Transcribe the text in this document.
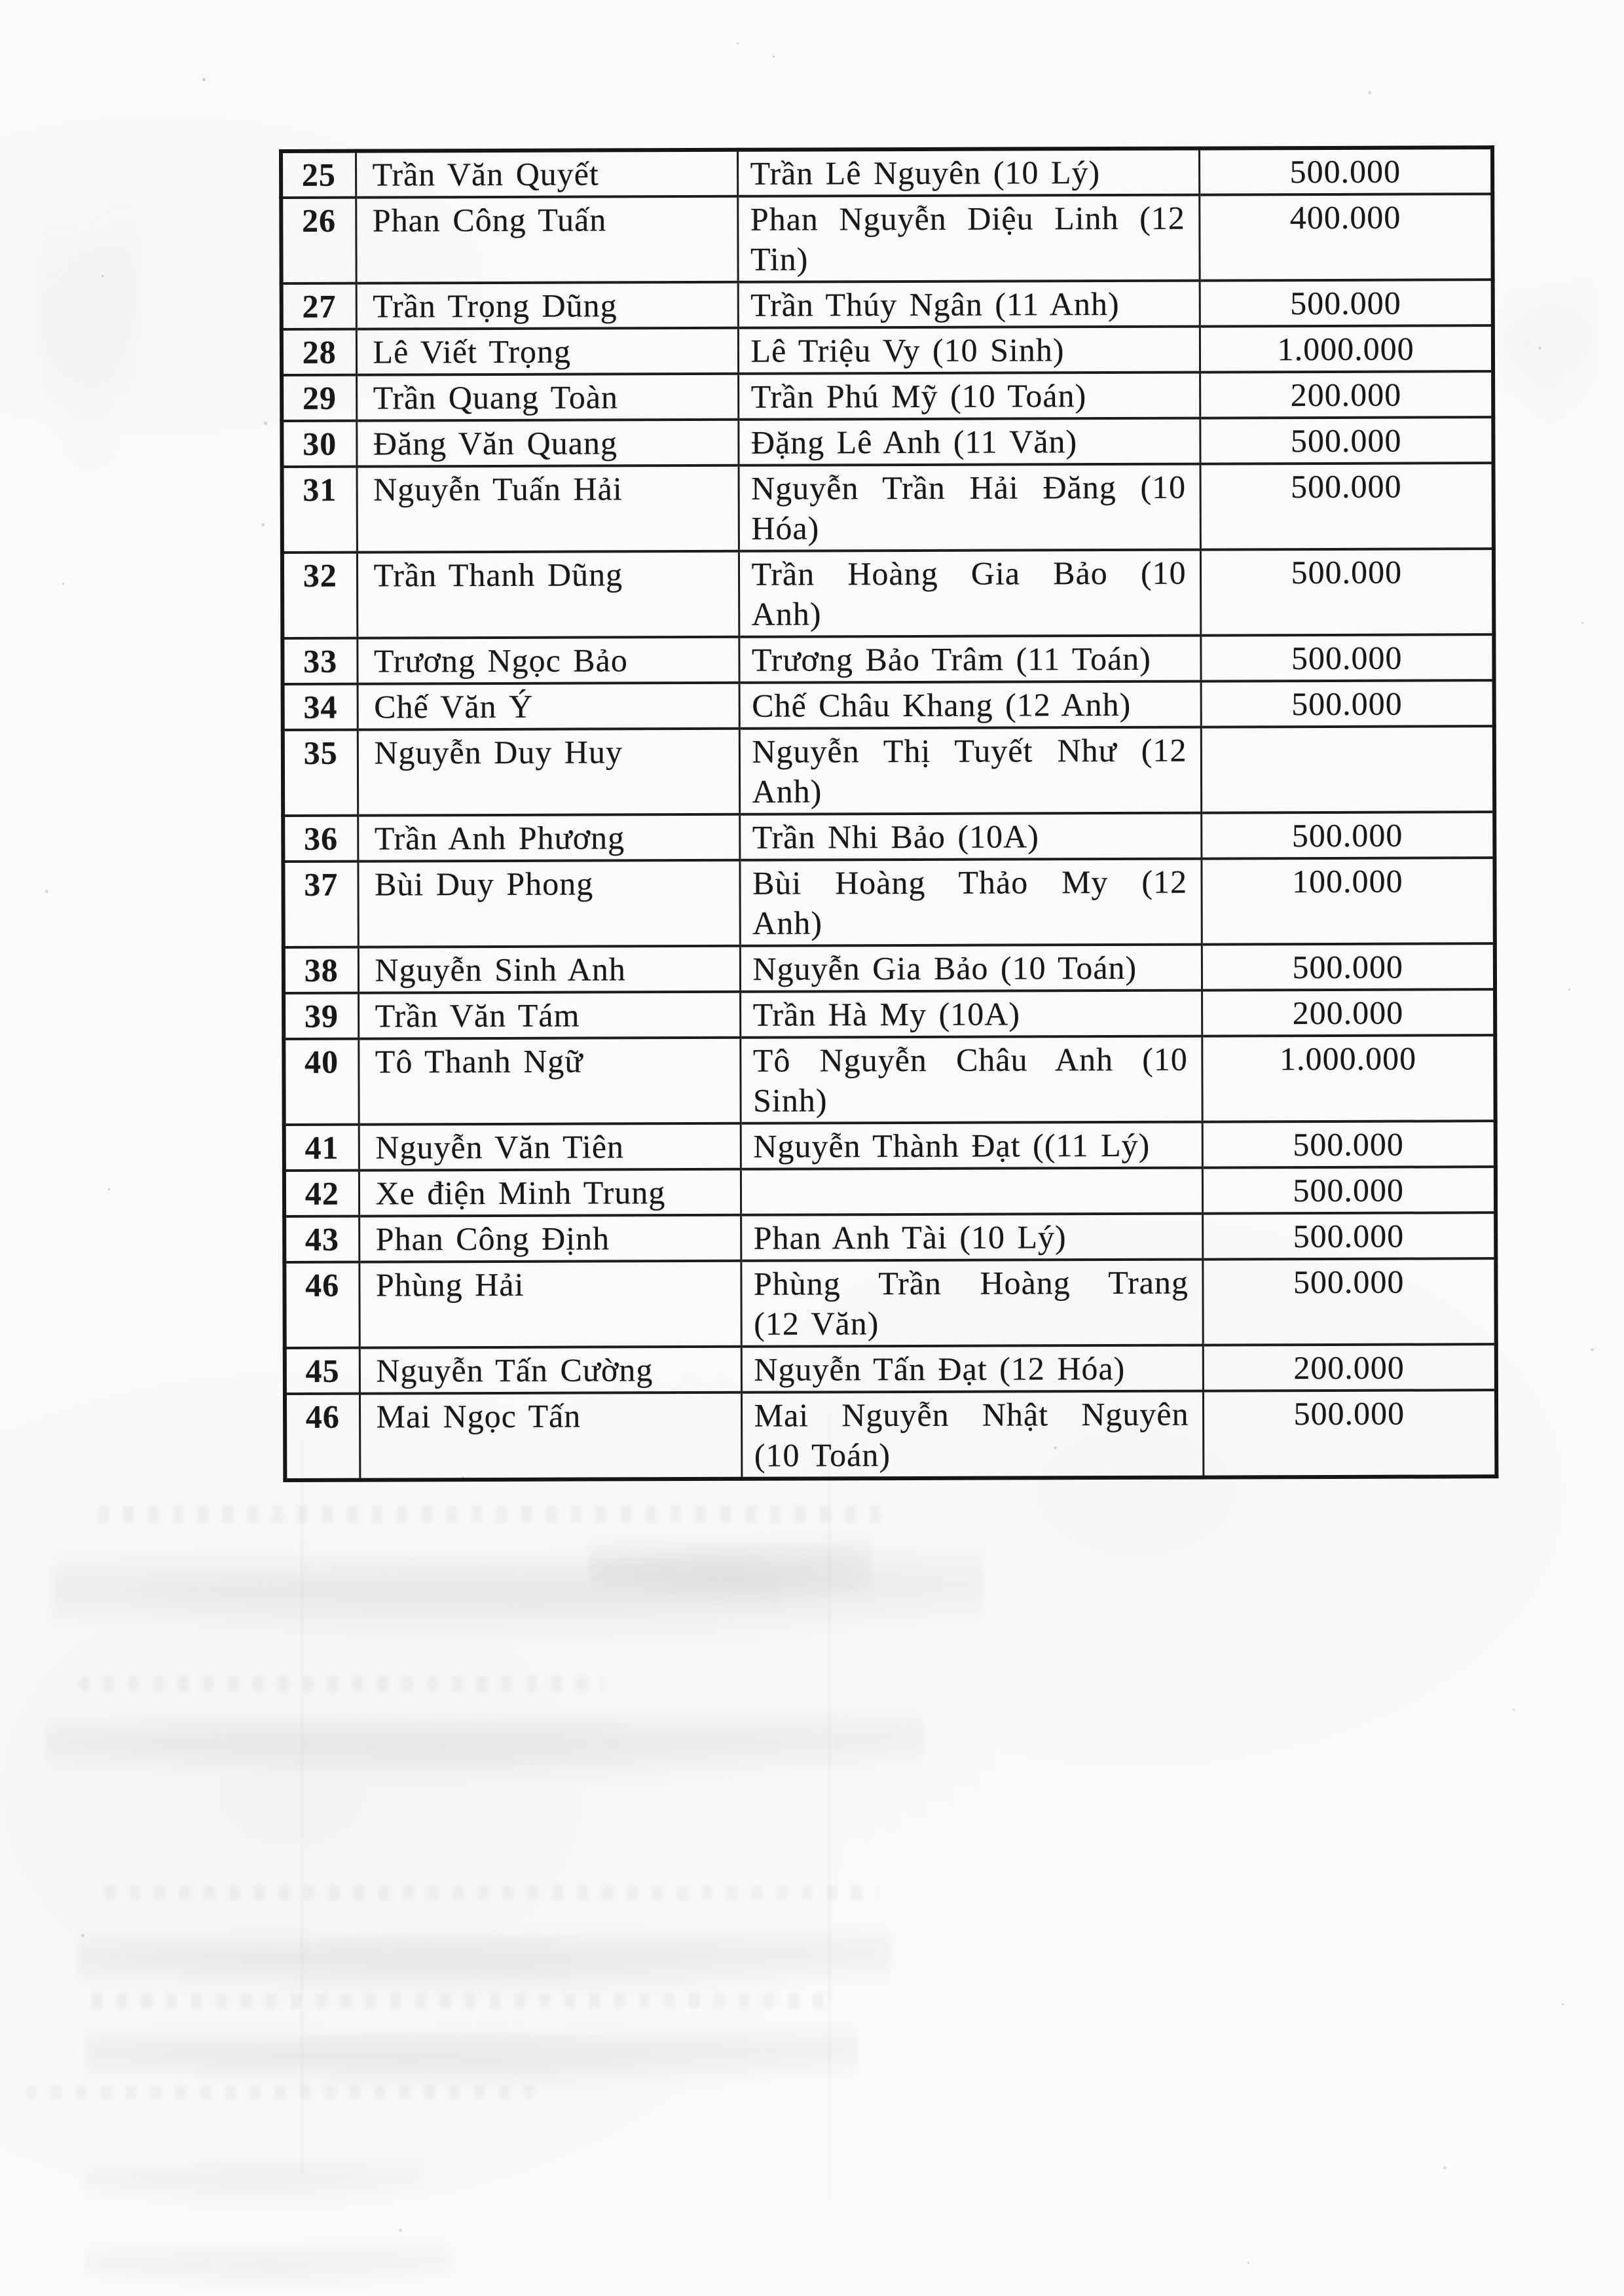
25	Trần Văn Quyết	Trần Lê Nguyên (10 Lý)	500.000
26	Phan Công Tuấn	Phan Nguyễn Diệu Linh (12
Tin)	400.000
27	Trần Trọng Dũng	Trần Thúy Ngân (11 Anh)	500.000
28	Lê Viết Trọng	Lê Triệu Vy (10 Sinh)	1.000.000
29	Trần Quang Toàn	Trần Phú Mỹ (10 Toán)	200.000
30	Đăng Văn Quang	Đặng Lê Anh (11 Văn)	500.000
31	Nguyễn Tuấn Hải	Nguyễn Trần Hải Đăng (10
Hóa)	500.000
32	Trần Thanh Dũng	Trần Hoàng Gia Bảo (10
Anh)	500.000
33	Trương Ngọc Bảo	Trương Bảo Trâm (11 Toán)	500.000
34	Chế Văn Ý	Chế Châu Khang (12 Anh)	500.000
35	Nguyễn Duy Huy	Nguyễn Thị Tuyết Như (12
Anh)	

36	Trần Anh Phương	Trần Nhi Bảo (10A)	500.000
37	Bùi Duy Phong	Bùi Hoàng Thảo My (12
Anh)	100.000
38	Nguyễn Sinh Anh	Nguyễn Gia Bảo (10 Toán)	500.000
39	Trần Văn Tám	Trần Hà My (10A)	200.000
40	Tô Thanh Ngữ	Tô Nguyễn Châu Anh (10
Sinh)	1.000.000
41	Nguyễn Văn Tiên	Nguyễn Thành Đạt ((11 Lý)	500.000
42	Xe điện Minh Trung		500.000
43	Phan Công Định	Phan Anh Tài (10 Lý)	500.000
46	Phùng Hải	Phùng Trần Hoàng Trang
(12 Văn)	500.000
45	Nguyễn Tấn Cường	Nguyễn Tấn Đạt (12 Hóa)	200.000
46	Mai Ngọc Tấn	Mai Nguyễn Nhật Nguyên
(10 Toán)	500.000
